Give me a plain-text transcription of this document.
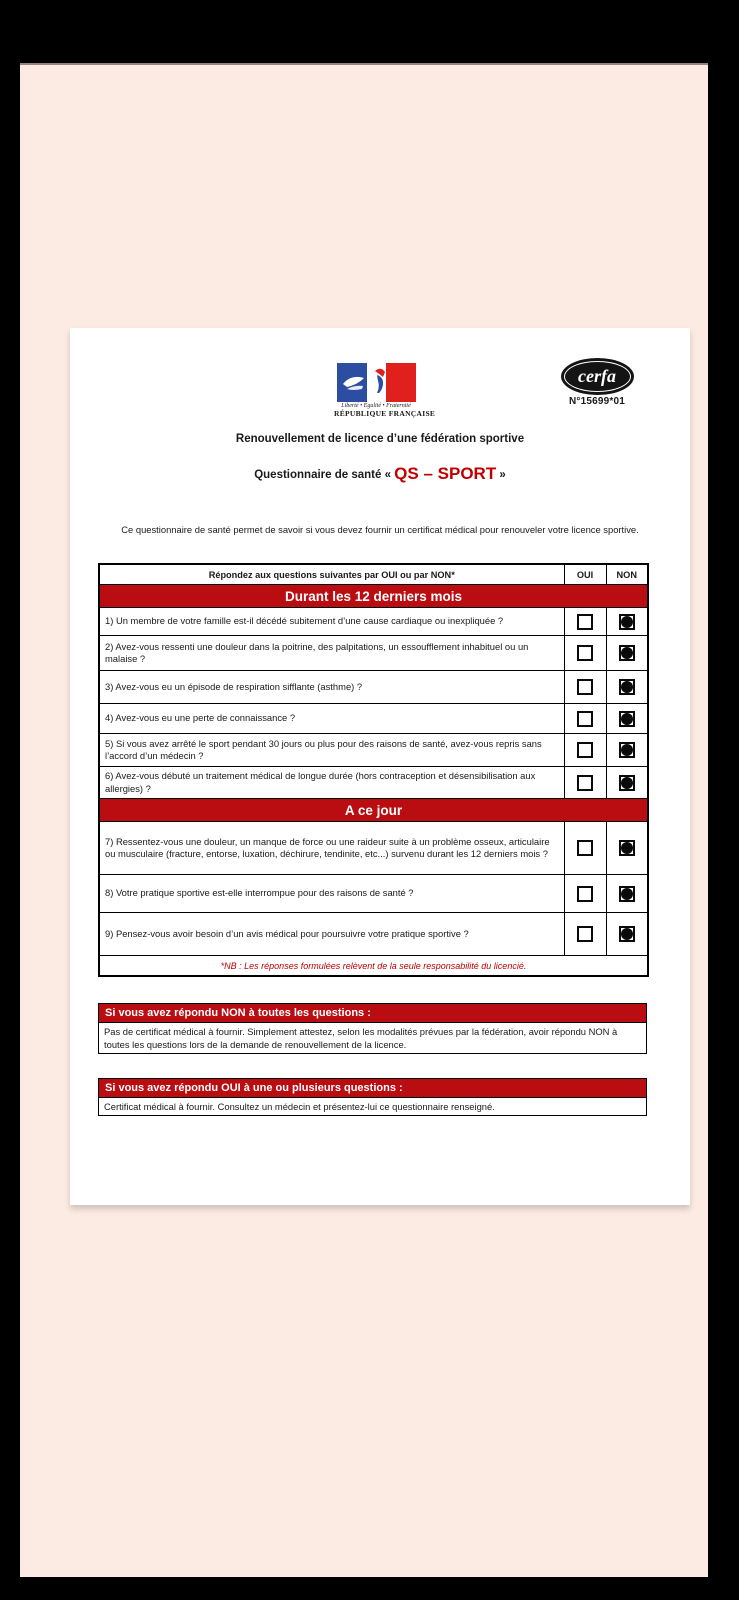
Liberté • Égalité • Fraternité
RÉPUBLIQUE FRANÇAISE
cerfa
N°15699*01
Renouvellement de licence d’une fédération sportive
Questionnaire de santé « QS – SPORT »
Ce questionnaire de santé permet de savoir si vous devez fournir un certificat médical pour renouveler votre licence sportive.
Répondez aux questions suivantes par OUI ou par NON*	OUI	NON
Durant les 12 derniers mois		
1) Un membre de votre famille est-il décédé subitement d’une cause cardiaque ou inexpliquée ?		
2) Avez-vous ressenti une douleur dans la poitrine, des palpitations, un essoufflement inhabituel ou un malaise ?		
3) Avez-vous eu un épisode de respiration sifflante (asthme) ?		
4) Avez-vous eu une perte de connaissance ?		
5) Si vous avez arrêté le sport pendant 30 jours ou plus pour des raisons de santé, avez-vous repris sans l’accord d’un médecin ?		
6) Avez-vous débuté un traitement médical de longue durée (hors contraception et désensibilisation aux allergies) ?		
A ce jour		
7) Ressentez-vous une douleur, un manque de force ou une raideur suite à un problème osseux, articulaire ou musculaire (fracture, entorse, luxation, déchirure, tendinite, etc...) survenu durant les 12 derniers mois ?		
8) Votre pratique sportive est-elle interrompue pour des raisons de santé ?		
9) Pensez-vous avoir besoin d’un avis médical pour poursuivre votre pratique sportive ?		
*NB : Les réponses formulées relèvent de la seule responsabilité du licencié.		
Si vous avez répondu NON à toutes les questions :
Pas de certificat médical à fournir. Simplement attestez, selon les modalités prévues par la fédération, avoir répondu NON à toutes les questions lors de la demande de renouvellement de la licence.
Si vous avez répondu OUI à une ou plusieurs questions :
Certificat médical à fournir. Consultez un médecin et présentez-lui ce questionnaire renseigné.
